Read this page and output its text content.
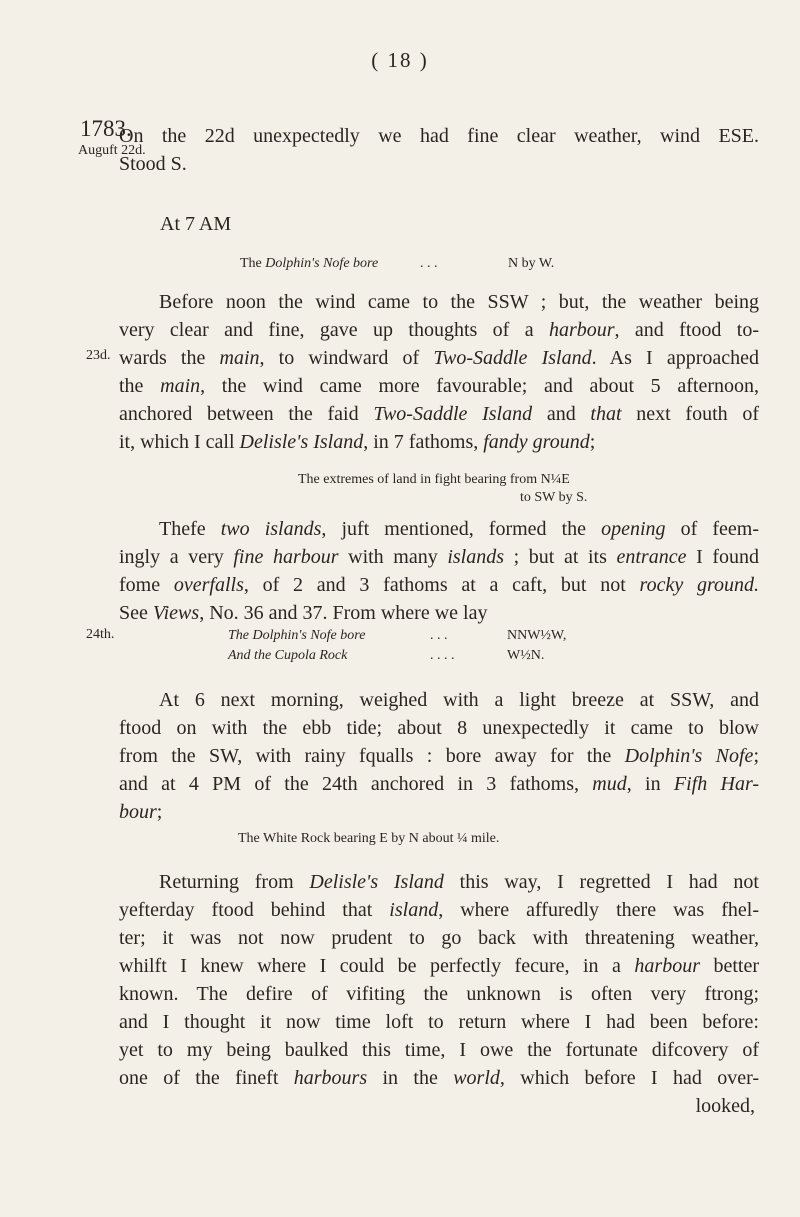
( 18 )
1783.
Auguft 22d.
23d.
24th.
On the 22d unexpectedly we had fine clear weather, wind ESE.
Stood S.
At 7 AM
The Dolphin's Nofe bore	. . .	N by W.
Before noon the wind came to the SSW ; but, the weather being
very clear and fine, gave up thoughts of a harbour, and ftood to-
wards the main, to windward of Two-Saddle Island. As I approached
the main, the wind came more favourable; and about 5 afternoon,
anchored between the faid Two-Saddle Island and that next fouth of
it, which I call Delisle's Island, in 7 fathoms, fandy ground;
The extremes of land in fight bearing from N¼E
to SW by S.
Thefe two islands, juft mentioned, formed the opening of feem-
ingly a very fine harbour with many islands ; but at its entrance I found
fome overfalls, of 2 and 3 fathoms at a caft, but not rocky ground.
See Views, No. 36 and 37. From where we lay
The Dolphin's Nofe bore	. . .	NNW½W,
And the Cupola Rock	. . . .	W½N.
At 6 next morning, weighed with a light breeze at SSW, and
ftood on with the ebb tide; about 8 unexpectedly it came to blow
from the SW, with rainy fqualls : bore away for the Dolphin's Nofe;
and at 4 PM of the 24th anchored in 3 fathoms, mud, in Fifh Har-
bour;
The White Rock bearing E by N about ¼ mile.
Returning from Delisle's Island this way, I regretted I had not
yefterday ftood behind that island, where affuredly there was fhel-
ter; it was not now prudent to go back with threatening weather,
whilft I knew where I could be perfectly fecure, in a harbour better
known. The defire of vifiting the unknown is often very ftrong;
and I thought it now time loft to return where I had been before:
yet to my being baulked this time, I owe the fortunate difcovery of
one of the fineft harbours in the world, which before I had over-
looked,
